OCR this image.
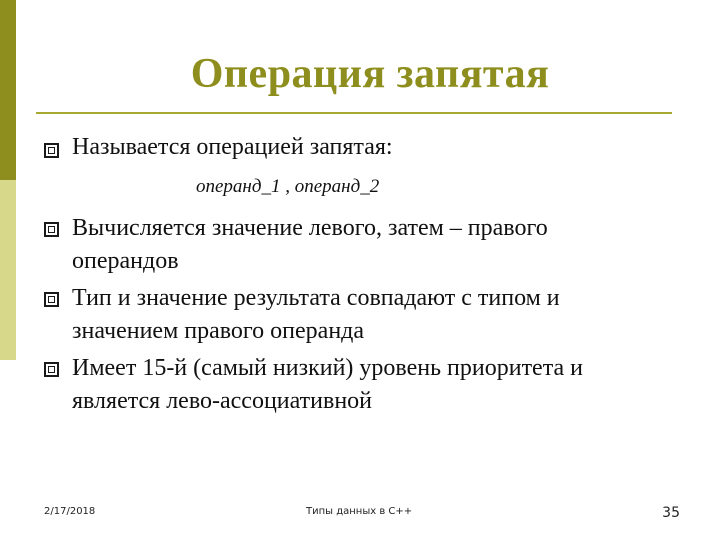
Операция запятая
Называется операцией запятая:
операнд_1 , операнд_2
Вычисляется значение левого, затем – правого
операндов
Тип и значение результата совпадают с типом и
значением правого операнда
Имеет 15-й (самый низкий) уровень приоритета и
является лево-ассоциативной
2/17/2018	Типы данных в С++	35
